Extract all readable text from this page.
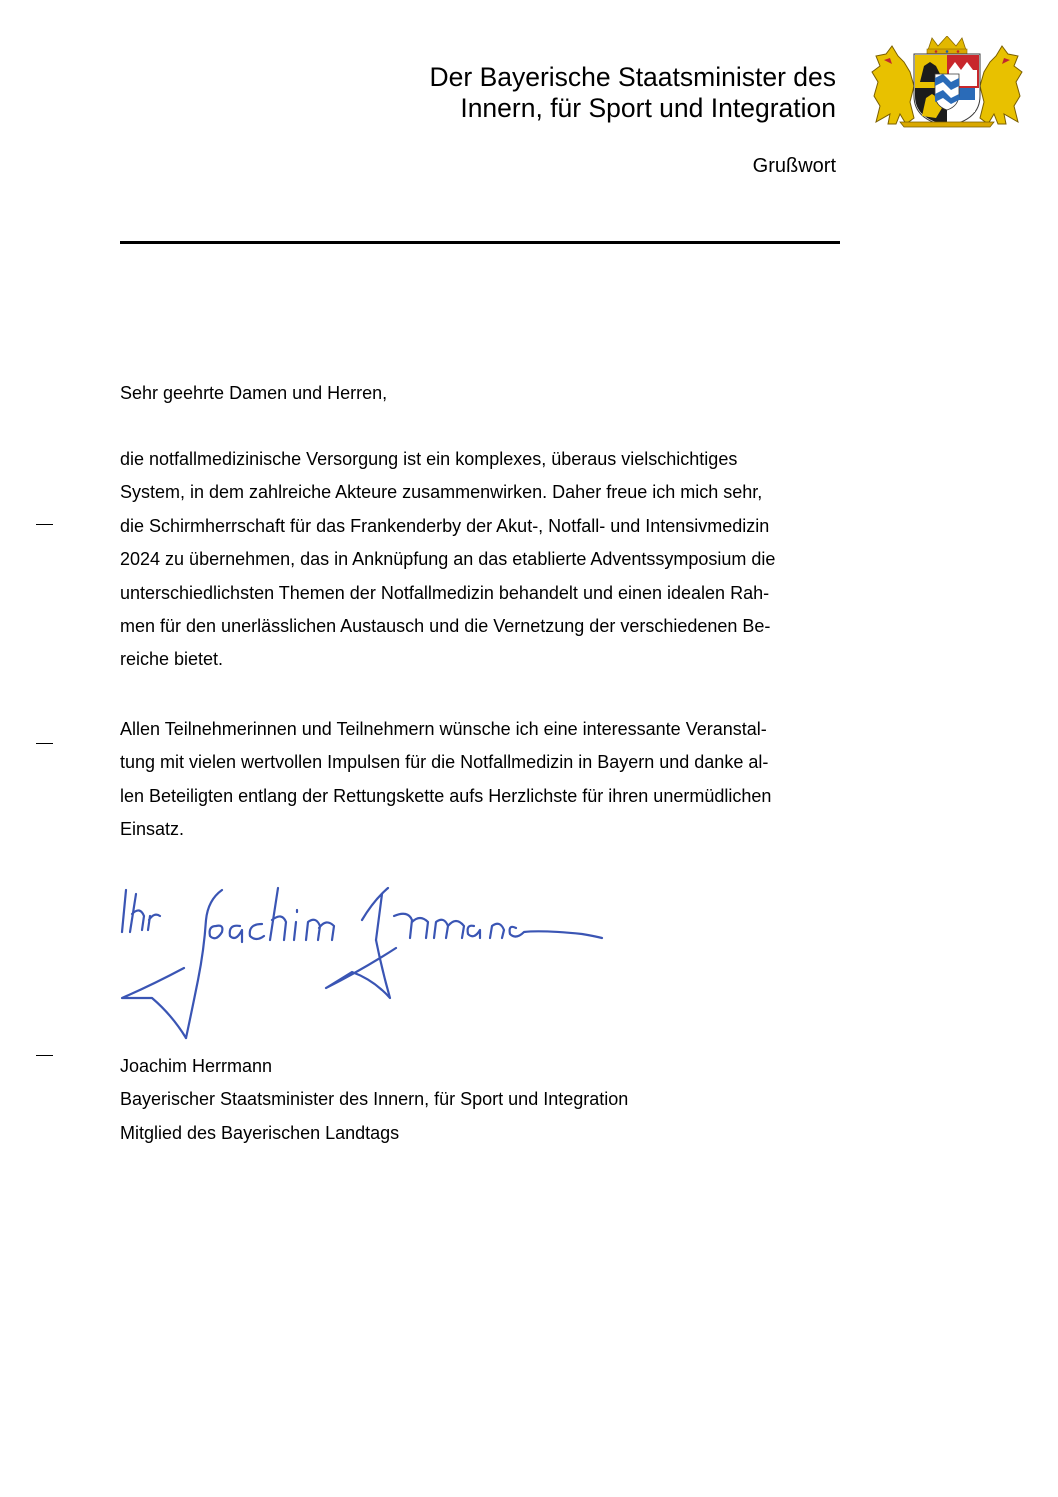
Der Bayerische Staatsminister des
Innern, für Sport und Integration
Grußwort
Sehr geehrte Damen und Herren,
die notfallmedizinische Versorgung ist ein komplexes, überaus vielschichtiges
System, in dem zahlreiche Akteure zusammenwirken. Daher freue ich mich sehr,
die Schirmherrschaft für das Frankenderby der Akut-, Notfall- und Intensivmedizin
2024 zu übernehmen, das in Anknüpfung an das etablierte Adventssymposium die
unterschiedlichsten Themen der Notfallmedizin behandelt und einen idealen Rah-
men für den unerlässlichen Austausch und die Vernetzung der verschiedenen Be-
reiche bietet.
Allen Teilnehmerinnen und Teilnehmern wünsche ich eine interessante Veranstal-
tung mit vielen wertvollen Impulsen für die Notfallmedizin in Bayern und danke al-
len Beteiligten entlang der Rettungskette aufs Herzlichste für ihren unermüdlichen
Einsatz.
Joachim Herrmann
Bayerischer Staatsminister des Innern, für Sport und Integration
Mitglied des Bayerischen Landtags
